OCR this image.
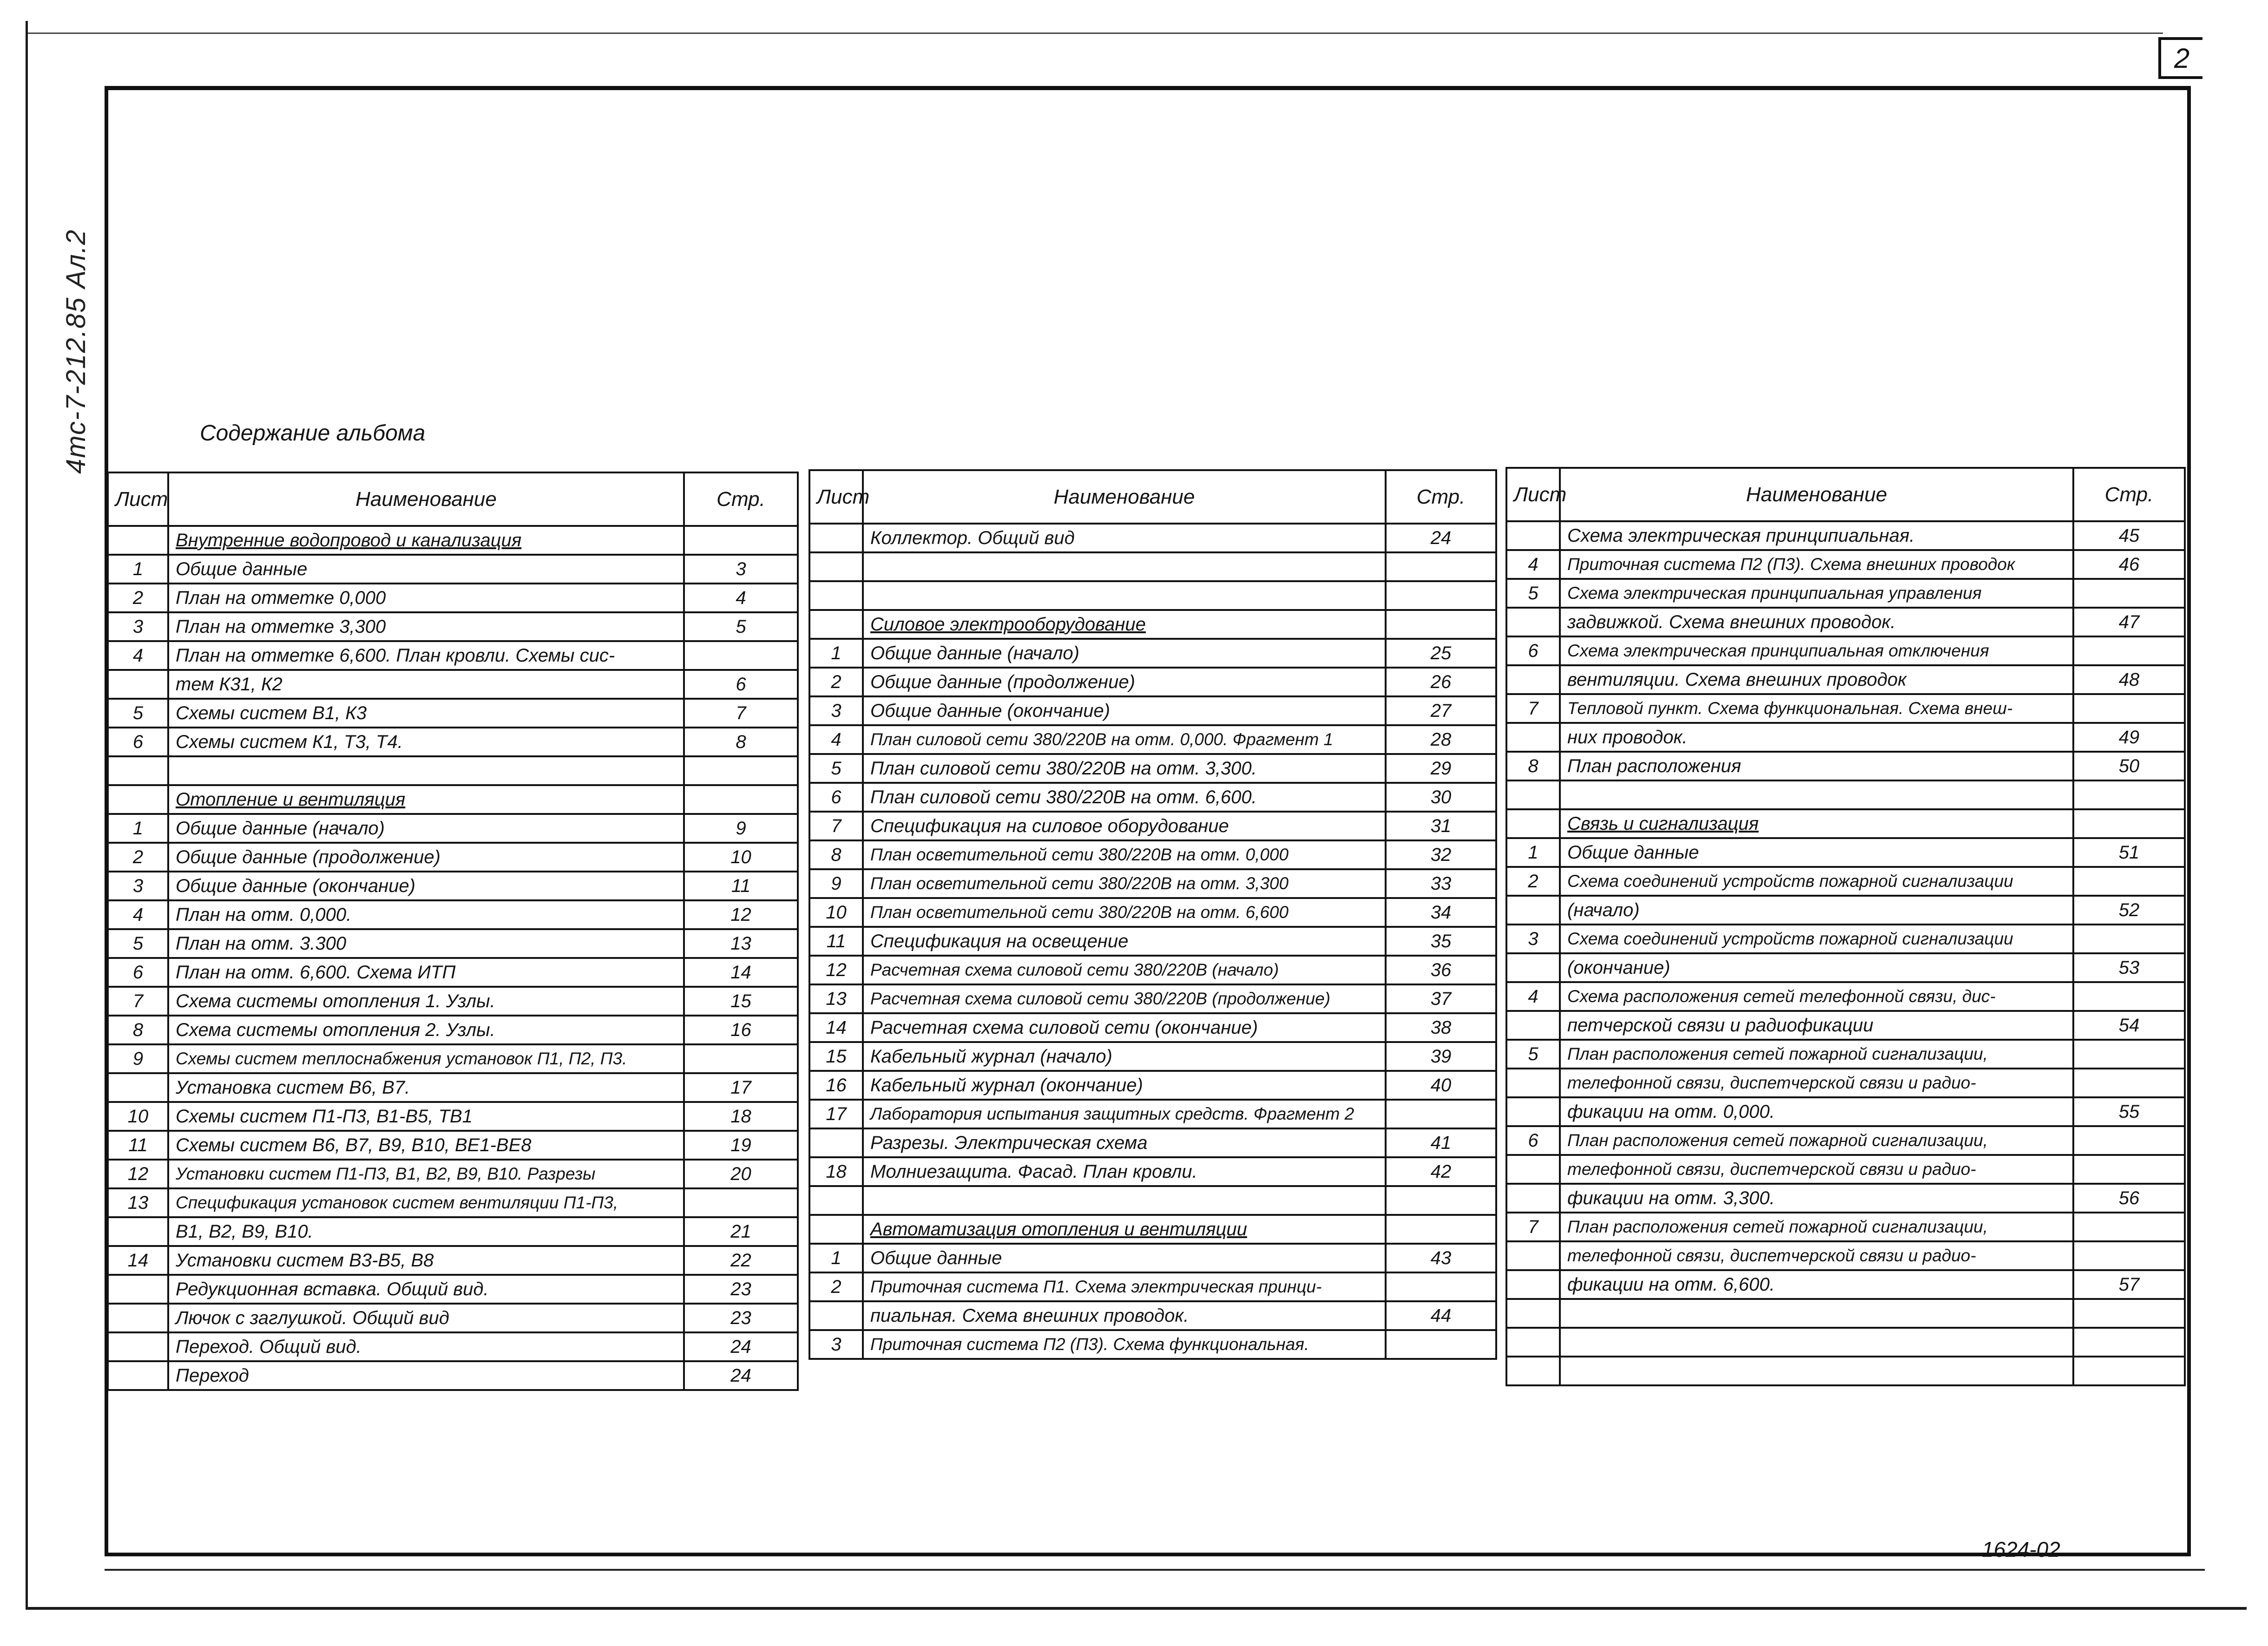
2
4тс-7-212.85 Ал.2	Содержание альбома
Лист	Наименование	Стр.
	Внутренние водопровод и канализация	
1	Общие данные	3
2	План на отметке 0,000	4
3	План на отметке 3,300	5
4	План на отметке 6,600. План кровли. Схемы сис-	
	тем К31, К2	6
5	Схемы систем В1, К3	7
6	Схемы систем К1, Т3, Т4.	8

	Отопление и вентиляция	
1	Общие данные (начало)	9
2	Общие данные (продолжение)	10
3	Общие данные (окончание)	11
4	План на отм. 0,000.	12
5	План на отм. 3.300	13
6	План на отм. 6,600. Схема ИТП	14
7	Схема системы отопления 1. Узлы.	15
8	Схема системы отопления 2. Узлы.	16
9	Схемы систем теплоснабжения установок П1, П2, П3.	
	Установка систем В6, В7.	17
10	Схемы систем П1-П3, В1-В5, ТВ1	18
11	Схемы систем В6, В7, В9, В10, ВЕ1-ВЕ8	19
12	Установки систем П1-П3, В1, В2, В9, В10. Разрезы	20
13	Спецификация установок систем вентиляции П1-П3,	
	В1, В2, В9, В10.	21
14	Установки систем В3-В5, В8	22
	Редукционная вставка. Общий вид.	23
	Лючок с заглушкой. Общий вид	23
	Переход. Общий вид.	24
	Переход	24
Лист	Наименование	Стр.
	Коллектор. Общий вид	24

	Силовое электрооборудование	
1	Общие данные (начало)	25
2	Общие данные (продолжение)	26
3	Общие данные (окончание)	27
4	План силовой сети 380/220В на отм. 0,000. Фрагмент 1	28
5	План силовой сети 380/220В на отм. 3,300.	29
6	План силовой сети 380/220В на отм. 6,600.	30
7	Спецификация на силовое оборудование	31
8	План осветительной сети 380/220В на отм. 0,000	32
9	План осветительной сети 380/220В на отм. 3,300	33
10	План осветительной сети 380/220В на отм. 6,600	34
11	Спецификация на освещение	35
12	Расчетная схема силовой сети 380/220В (начало)	36
13	Расчетная схема силовой сети 380/220В (продолжение)	37
14	Расчетная схема силовой сети (окончание)	38
15	Кабельный журнал (начало)	39
16	Кабельный журнал (окончание)	40
17	Лаборатория испытания защитных средств. Фрагмент 2	
	Разрезы. Электрическая схема	41
18	Молниезащита. Фасад. План кровли.	42

	Автоматизация отопления и вентиляции	
1	Общие данные	43
2	Приточная система П1. Схема электрическая принци-	
	пиальная. Схема внешних проводок.	44
3	Приточная система П2 (П3). Схема функциональная.	
Лист	Наименование	Стр.
	Схема электрическая принципиальная.	45
4	Приточная система П2 (П3). Схема внешних проводок	46
5	Схема электрическая принципиальная управления	
	задвижкой. Схема внешних проводок.	47
6	Схема электрическая принципиальная отключения	
	вентиляции. Схема внешних проводок	48
7	Тепловой пункт. Схема функциональная. Схема внеш-	
	них проводок.	49
8	План расположения	50

	Связь и сигнализация	
1	Общие данные	51
2	Схема соединений устройств пожарной сигнализации	
	(начало)	52
3	Схема соединений устройств пожарной сигнализации	
	(окончание)	53
4	Схема расположения сетей телефонной связи, дис-	
	петчерской связи и радиофикации	54
5	План расположения сетей пожарной сигнализации,	
	телефонной связи, диспетчерской связи и радио-	
	фикации на отм. 0,000.	55
6	План расположения сетей пожарной сигнализации,	
	телефонной связи, диспетчерской связи и радио-	
	фикации на отм. 3,300.	56
7	План расположения сетей пожарной сигнализации,	
	телефонной связи, диспетчерской связи и радио-	
	фикации на отм. 6,600.	57

1624-02
